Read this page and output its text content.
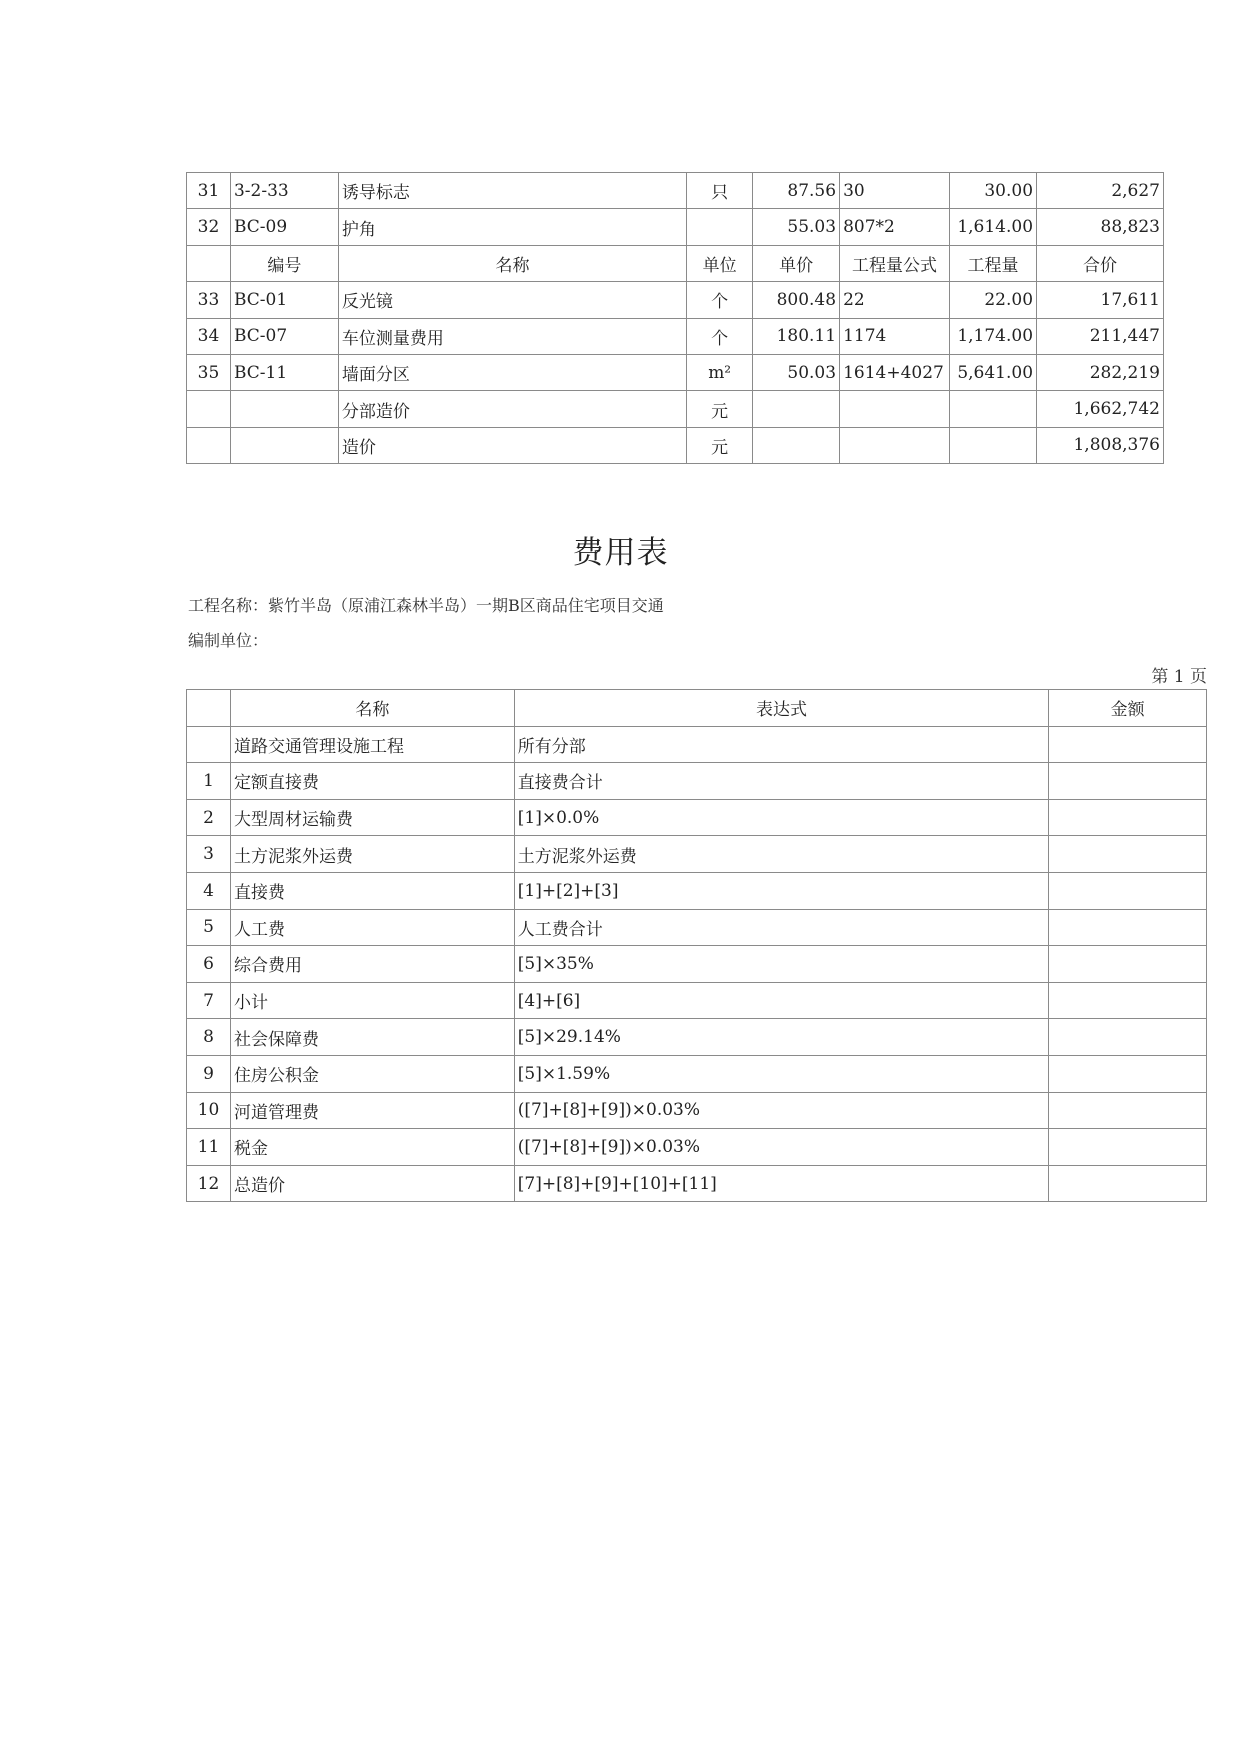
31	3-2-33	诱导标志	只	87.56	30	30.00	2,627
32	BC-09	护角		55.03	807*2	1,614.00	88,823
	编号	名称	单位	单价	工程量公式	工程量	合价
33	BC-01	反光镜	个	800.48	22	22.00	17,611
34	BC-07	车位测量费用	个	180.11	1174	1,174.00	211,447
35	BC-11	墙面分区	m²	50.03	1614+4027	5,641.00	282,219
		分部造价	元				1,662,742
		造价	元				1,808,376
费用表
工程名称：紫竹半岛（原浦江森林半岛）一期B区商品住宅项目交通
编制单位：
第 1 页
	名称	表达式	金额
	道路交通管理设施工程	所有分部	
1	定额直接费	直接费合计	
2	大型周材运输费	[1]×0.0%	
3	土方泥浆外运费	土方泥浆外运费	
4	直接费	[1]+[2]+[3]	
5	人工费	人工费合计	
6	综合费用	[5]×35%	
7	小计	[4]+[6]	
8	社会保障费	[5]×29.14%	
9	住房公积金	[5]×1.59%	
10	河道管理费	([7]+[8]+[9])×0.03%	
11	税金	([7]+[8]+[9])×0.03%	
12	总造价	[7]+[8]+[9]+[10]+[11]	
